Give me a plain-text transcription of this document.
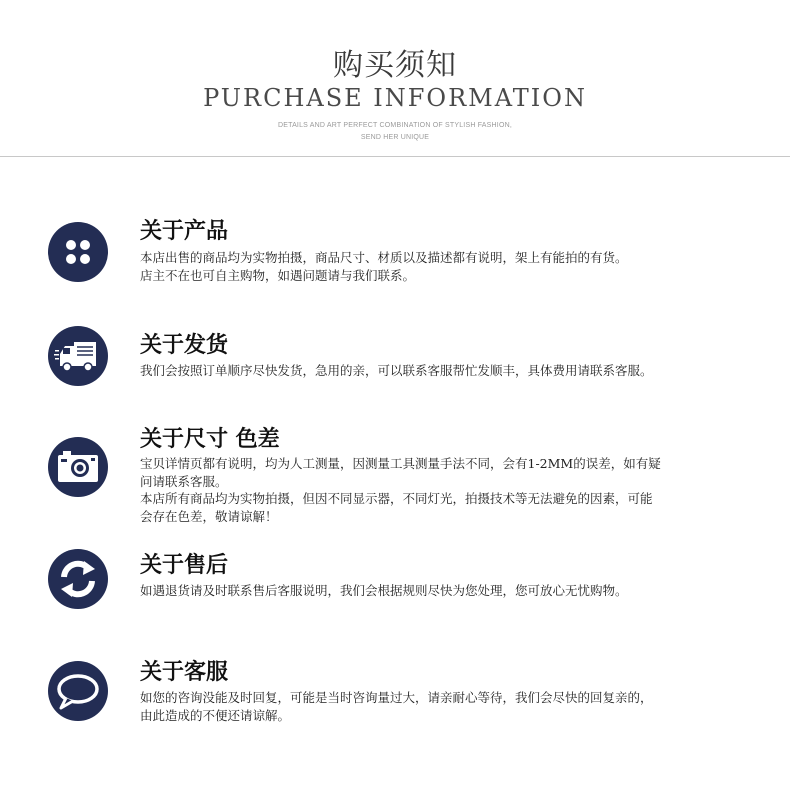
购买须知
PURCHASE INFORMATION
DETAILS AND ART PERFECT COMBINATION OF STYLISH FASHION,
SEND HER UNIQUE
关于产品
本店出售的商品均为实物拍摄，商品尺寸、材质以及描述都有说明，架上有能拍的有货。
店主不在也可自主购物，如遇问题请与我们联系。
关于发货
我们会按照订单顺序尽快发货，急用的亲，可以联系客服帮忙发顺丰，具体费用请联系客服。
关于尺寸 色差
宝贝详情页都有说明，均为人工测量，因测量工具测量手法不同，会有1-2MM的误差，如有疑
问请联系客服。
本店所有商品均为实物拍摄，但因不同显示器，不同灯光，拍摄技术等无法避免的因素，可能
会存在色差，敬请谅解！
关于售后
如遇退货请及时联系售后客服说明，我们会根据规则尽快为您处理，您可放心无忧购物。
关于客服
如您的咨询没能及时回复，可能是当时咨询量过大，请亲耐心等待，我们会尽快的回复亲的，
由此造成的不便还请谅解。
